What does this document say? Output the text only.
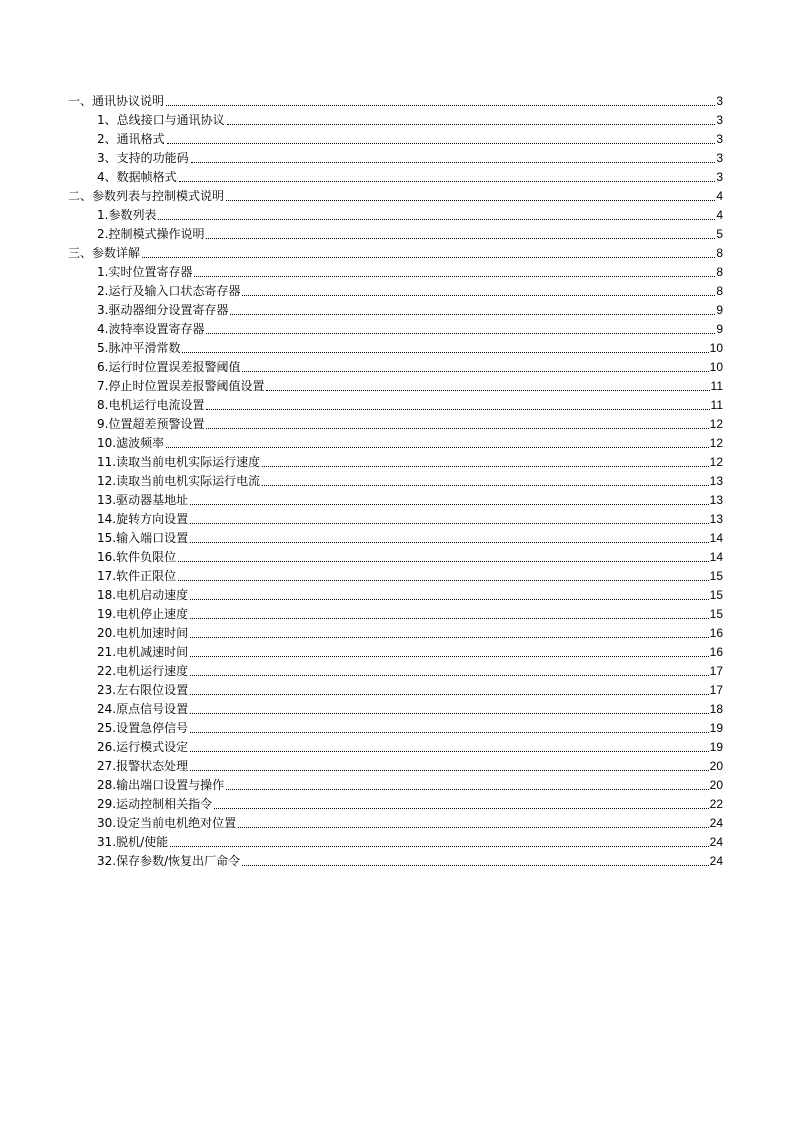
一、通讯协议说明	3
1、总线接口与通讯协议	3
2、通讯格式	3
3、支持的功能码	3
4、数据帧格式	3
二、参数列表与控制模式说明	4
1.参数列表	4
2.控制模式操作说明	5
三、参数详解	8
1.实时位置寄存器	8
2.运行及输入口状态寄存器	8
3.驱动器细分设置寄存器	9
4.波特率设置寄存器	9
5.脉冲平滑常数	10
6.运行时位置误差报警阈值	10
7.停止时位置误差报警阈值设置	11
8.电机运行电流设置	11
9.位置超差预警设置	12
10.滤波频率	12
11.读取当前电机实际运行速度	12
12.读取当前电机实际运行电流	13
13.驱动器基地址	13
14.旋转方向设置	13
15.输入端口设置	14
16.软件负限位	14
17.软件正限位	15
18.电机启动速度	15
19.电机停止速度	15
20.电机加速时间	16
21.电机减速时间	16
22.电机运行速度	17
23.左右限位设置	17
24.原点信号设置	18
25.设置急停信号	19
26.运行模式设定	19
27.报警状态处理	20
28.输出端口设置与操作	20
29.运动控制相关指令	22
30.设定当前电机绝对位置	24
31.脱机/使能	24
32.保存参数/恢复出厂命令	24
